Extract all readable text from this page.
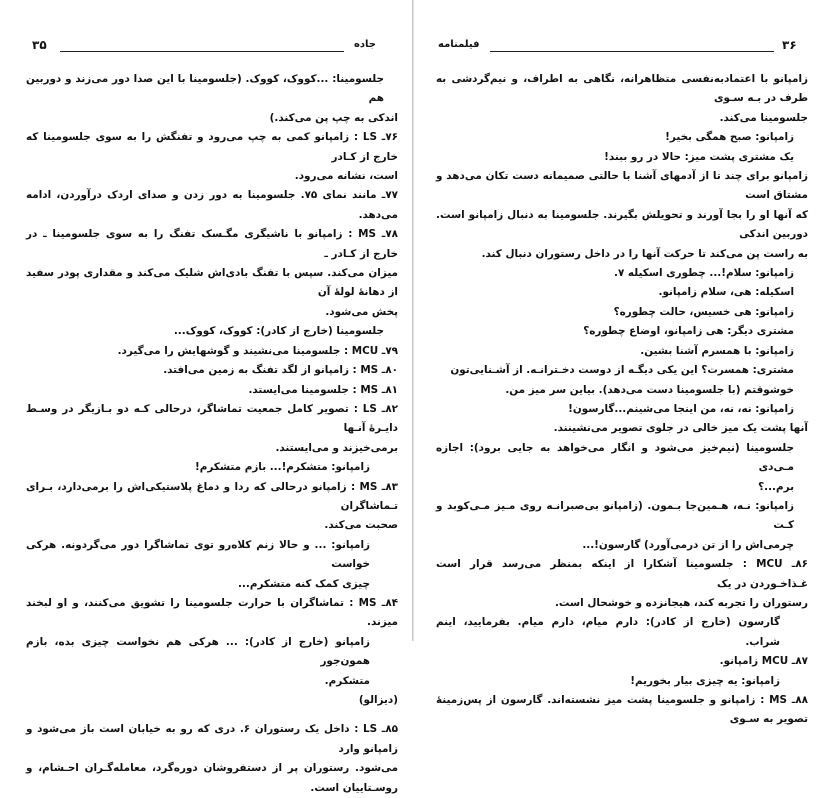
۳۵	جاده

جلسومینا: ...کووک، کووک. (جلسومینا با این صدا دور می‌زند و دوربین هم

اندکی به چپ پن می‌کند.)

۷۶ـ LS : زامپانو کمی به چپ می‌رود و تفنگش را به سوی جلسومینا که خارج از کـادر

است، نشانه می‌رود.

۷۷ـ مانند نمای ۷۵. جلسومینا به دور زدن و صدای اردک درآوردن، ادامه می‌دهد.

۷۸ـ MS : زامپانو با ناشیگری مگـسک تفنگ را به سوی جلسومینا ـ در خارج از کـادر ـ

میزان می‌کند. سپس با تفنگ بادی‌اش شلیک می‌کند و مقداری پودر سفید از دهانهٔ لولهٔ آن

پخش می‌شود.

جلسومینا (خارج از کادر): کووک، کووک...

۷۹ـ MCU : جلسومینا می‌نشیند و گوشهایش را می‌گیرد.

۸۰ـ MS : زامپانو از لگد تفنگ به زمین می‌افتد.

۸۱ـ MS : جلسومینا می‌ایستد.

۸۲ـ LS : تصویر کامل جمعیت تماشاگر، درحالی کـه دو بـازیگر در وسـط دایـرهٔ آنـها

برمی‌خیزند و می‌ایستند.

زامپانو: متشکرم!... بازم متشکرم!

۸۳ـ MS : زامپانو درحالی که ردا و دماغ پلاستیکی‌اش را برمی‌دارد، بـرای تـماشاگران

صحبت می‌کند.

زامپانو: ... و حالا زنم کلاه‌رو توی تماشاگرا دور می‌گردونه. هرکی خواست

چیزی کمک کنه متشکرم...

۸۴ـ MS : تماشاگران با حرارت جلسومینا را تشویق می‌کنند، و او لبخند میزند.

زامپانو (خارج از کادر): ... هرکی هم نخواست چیزی بده، بازم همون‌جور

متشکرم.

(دیزالو)

۸۵ـ LS : داخل یک رستوران ۶. دری که رو به خیابان است باز می‌شود و زامپانو وارد

می‌شود. رستوران پر از دستفروشان دوره‌گرد، معامله‌گـران احـشام، و روسـتاییان است.

فیلمنامه	۳۶

زامپانو با اعتمادبه‌نفسی متظاهرانه، نگاهی به اطراف، و نیم‌گردشی به طرف در بـه سـوی

جلسومینا می‌کند.

زامپانو: صبح همگی بخیر!

یک مشتری پشت میز: حالا در رو ببند!

زامپانو برای چند تا از آدمهای آشنا با حالتی صمیمانه دست تکان می‌دهد و مشتاق است

که آنها او را بجا آورند و تحویلش بگیرند. جلسومینا به دنبال زامپانو است. دوربین اندکی

به راست پن می‌کند تا حرکت آنها را در داخل رستوران دنبال کند.

زامپانو: سلام!... چطوری اسکیله ۷.

اسکیله: هی، سلام زامپانو.

زامپانو: هی خسیس، حالت چطوره؟

مشتری دیگر: هی زامپانو، اوضاع چطوره؟

زامپانو: با همسرم آشنا بشین.

مشتری: همسرت؟ این یکی دیگـه از دوست دخـترانـه. از آشـنایی‌تون

خوشوقتم (با جلسومینا دست می‌دهد). بیاین سر میز من.

زامپانو: نه، نه، من اینجا می‌شینم...گارسون!

آنها پشت یک میز خالی در جلوی تصویر می‌نشینند.

جلسومینا (نیم‌خیز می‌شود و انگار می‌خواهد به جایی برود): اجازه مـی‌دی

برم...؟

زامپانو: نـه، هـمین‌جا بـمون. (زامپانو بی‌صبرانـه روی مـیز مـی‌کوبد و کـت

چرمی‌اش را از تن درمی‌آورد) گارسون!...

۸۶ـ MCU : جلسومینا آشکارا از اینکه بمنظر می‌رسد قرار است غـذاخـوردن در یک

رستوران را تجربه کند، هیجانزده و خوشحال است.

گارسون (خارج از کادر): دارم میام، دارم میام. بفرمایید، اینم شراب.

۸۷ـ MCU زامپانو.

زامپانو: یه چیزی بیار بخوریم!

۸۸ـ MS : زامپانو و جلسومینا پشت میز نشسته‌اند. گارسون از پس‌زمینهٔ تصویر به سـوی
